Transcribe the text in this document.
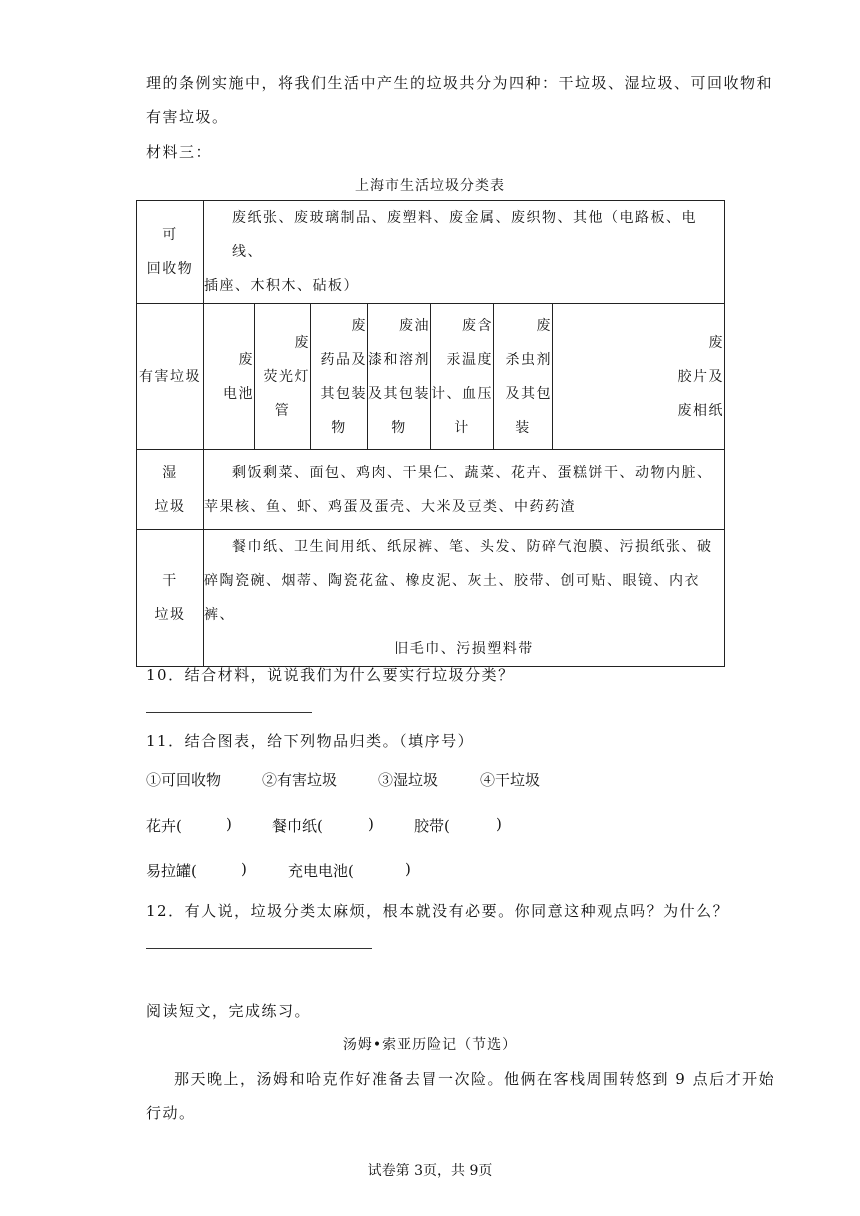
理的条例实施中，将我们生活中产生的垃圾共分为四种：干垃圾、湿垃圾、可回收物和
有害垃圾。
材料三：
上海市生活垃圾分类表
可
回收物	废纸张、废玻璃制品、废塑料、废金属、废织物、其他（电路板、电线、
插座、木积木、砧板）						

有害垃圾	废
电池	废
荧光灯
管	废
药品及
其包装
物	废油
漆和溶剂
及其包装
物	废含
汞温度
计、血压
计	废
杀虫剂
及其包
装	废
胶片及
废相纸

湿
垃圾	剩饭剩菜、面包、鸡肉、干果仁、蔬菜、花卉、蛋糕饼干、动物内脏、
苹果核、鱼、虾、鸡蛋及蛋壳、大米及豆类、中药药渣						

干
垃圾	餐巾纸、卫生间用纸、纸尿裤、笔、头发、防碎气泡膜、污损纸张、破
碎陶瓷碗、烟蒂、陶瓷花盆、橡皮泥、灰土、胶带、创可贴、眼镜、内衣裤、
旧毛巾、污损塑料带						
10．结合材料，说说我们为什么要实行垃圾分类？
11．结合图表，给下列物品归类。（填序号）
①可回收物	②有害垃圾	③湿垃圾	④干垃圾
花卉(	)	餐巾纸(	)	胶带(	)
易拉罐(	)	充电电池(	)
12．有人说，垃圾分类太麻烦，根本就没有必要。你同意这种观点吗？为什么？
阅读短文，完成练习。
汤姆•索亚历险记（节选）
那天晚上，汤姆和哈克作好准备去冒一次险。他俩在客栈周围转悠到 9 点后才开始
行动。
试卷第 3页，共 9页
